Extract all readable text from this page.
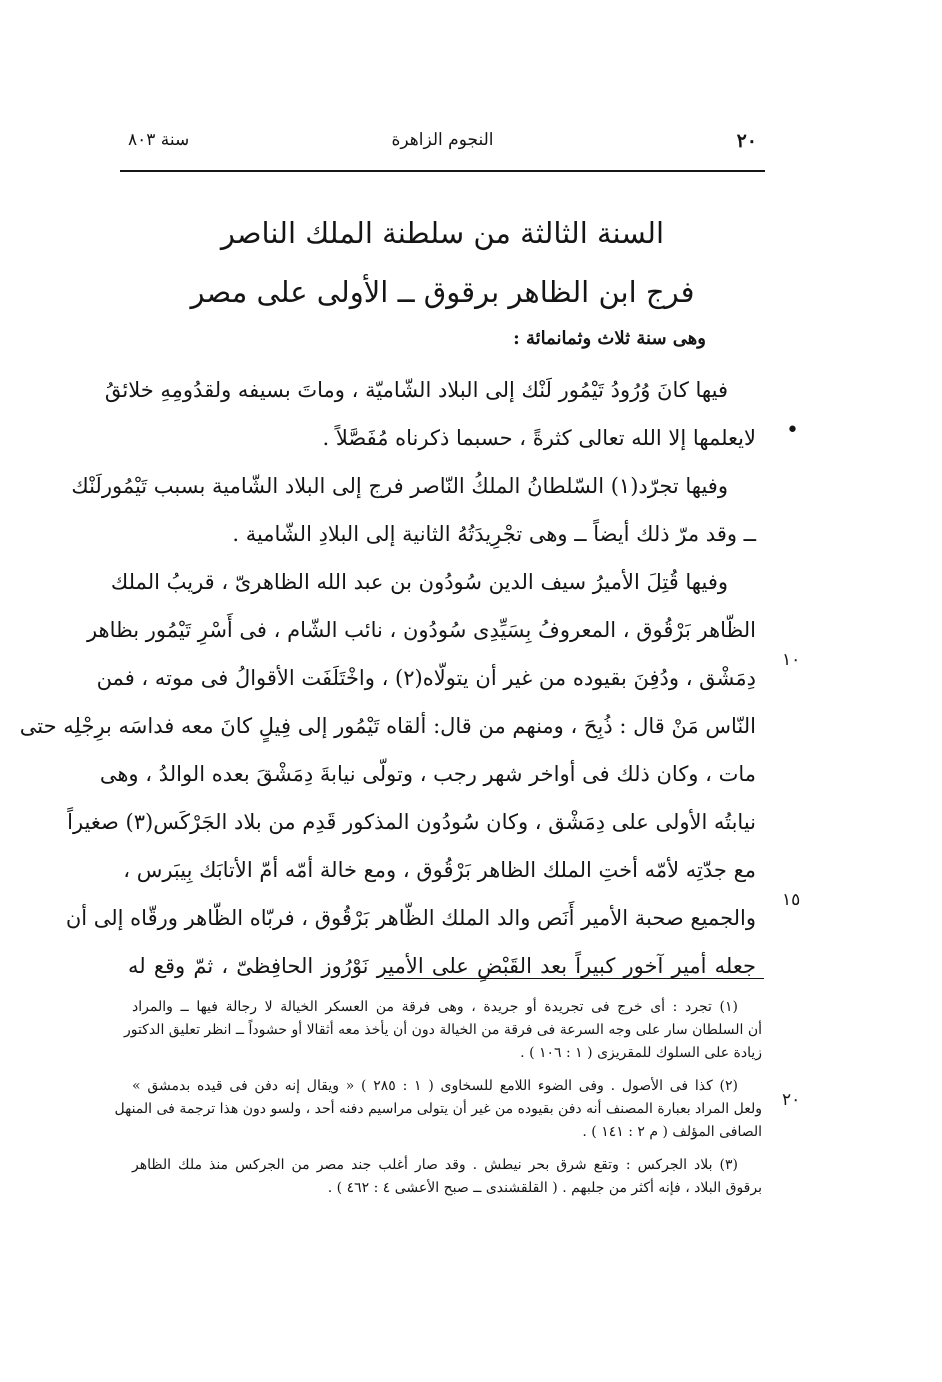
٢٠
النجوم الزاهرة
سنة ٨٠٣
السنة الثالثة من سلطنة الملك الناصر
فرج ابن الظاهر برقوق ــ الأولى على مصر
وهى سنة ثلاث وثمانمائة :
فيها كانَ وُرُودُ تَيْمُور لَنْك إلى البلاد الشّاميّة ، وماتَ بسيفه ولقدُومِهِ خلائقُ
لايعلمها إلا الله تعالى كثرةً ، حسبما ذكرناه مُفَصَّلاً .
وفيها تجرّد(١) السّلطانُ الملكُ النّاصر فرج إلى البلاد الشّامية بسبب تَيْمُورلَنْك
ــ وقد مرّ ذلك أيضاً ــ وهى تجْرِيدَتُهُ الثانية إلى البلادِ الشّامية .
وفيها قُتِلَ الأميرُ سيف الدين سُودُون بن عبد الله الظاهرىّ ، قريبُ الملك
الظّاهر بَرْقُوق ، المعروفُ بِسَيِّدِى سُودُون ، نائب الشّام ، فى أَسْرِ تَيْمُور بظاهر
دِمَشْق ، ودُفِنَ بقيوده من غير أن يتولّاه(٢) ، واخْتَلَفَت الأقوالُ فى موته ، فمن
النّاس مَنْ قال : ذُبِحَ ، ومنهم من قال: ألقاه تَيْمُور إلى فِيلٍ كانَ معه فداسَه برِجْلِه حتى
مات ، وكان ذلك فى أواخر شهر رجب ، وتولّى نيابةَ دِمَشْقَ بعده الوالدُ ، وهى
نيابتُه الأولى على دِمَشْق ، وكان سُودُون المذكور قَدِم من بلاد الجَرْكَس(٣) صغيراً
مع جدّتِه لأمّه أختِ الملك الظاهر بَرْقُوق ، ومع خالة أمّه أمّ الأتابَك بِيبَرس ،
والجميع صحبة الأمير أَنَص والد الملك الظّاهر بَرْقُوق ، فربّاه الظّاهر ورقّاه إلى أن
جعله أمير آخور كبيراً بعد القَبْضِ على الأمير نَوْرُوز الحافِظىّ ، ثمّ وقع له
•
١٠
١٥
٢٠
(١) تجرد : أى خرج فى تجريدة أو جريدة ، وهى فرقة من العسكر الخيالة لا رجالة فيها ــ والمراد
أن السلطان سار على وجه السرعة فى فرقة من الخيالة دون أن يأخذ معه أثقالا أو حشوداً ــ انظر تعليق الدكتور
زيادة على السلوك للمقريزى ( ١ : ١٠٦ ) .
(٢) كذا فى الأصول . وفى الضوء اللامع للسخاوى ( ١ : ٢٨٥ ) « ويقال إنه دفن فى قيده بدمشق »
ولعل المراد بعبارة المصنف أنه دفن بقيوده من غير أن يتولى مراسيم دفنه أحد ، ولسو دون هذا ترجمة فى المنهل
الصافى المؤلف ( م ٢ : ١٤١ ) .
(٣) بلاد الجركس : وتقع شرق بحر نيطش . وقد صار أغلب جند مصر من الجركس منذ ملك الظاهر
برقوق البلاد ، فإنه أكثر من جلبهم . ( القلقشندى ــ صبح الأعشى ٤ : ٤٦٢ ) .
